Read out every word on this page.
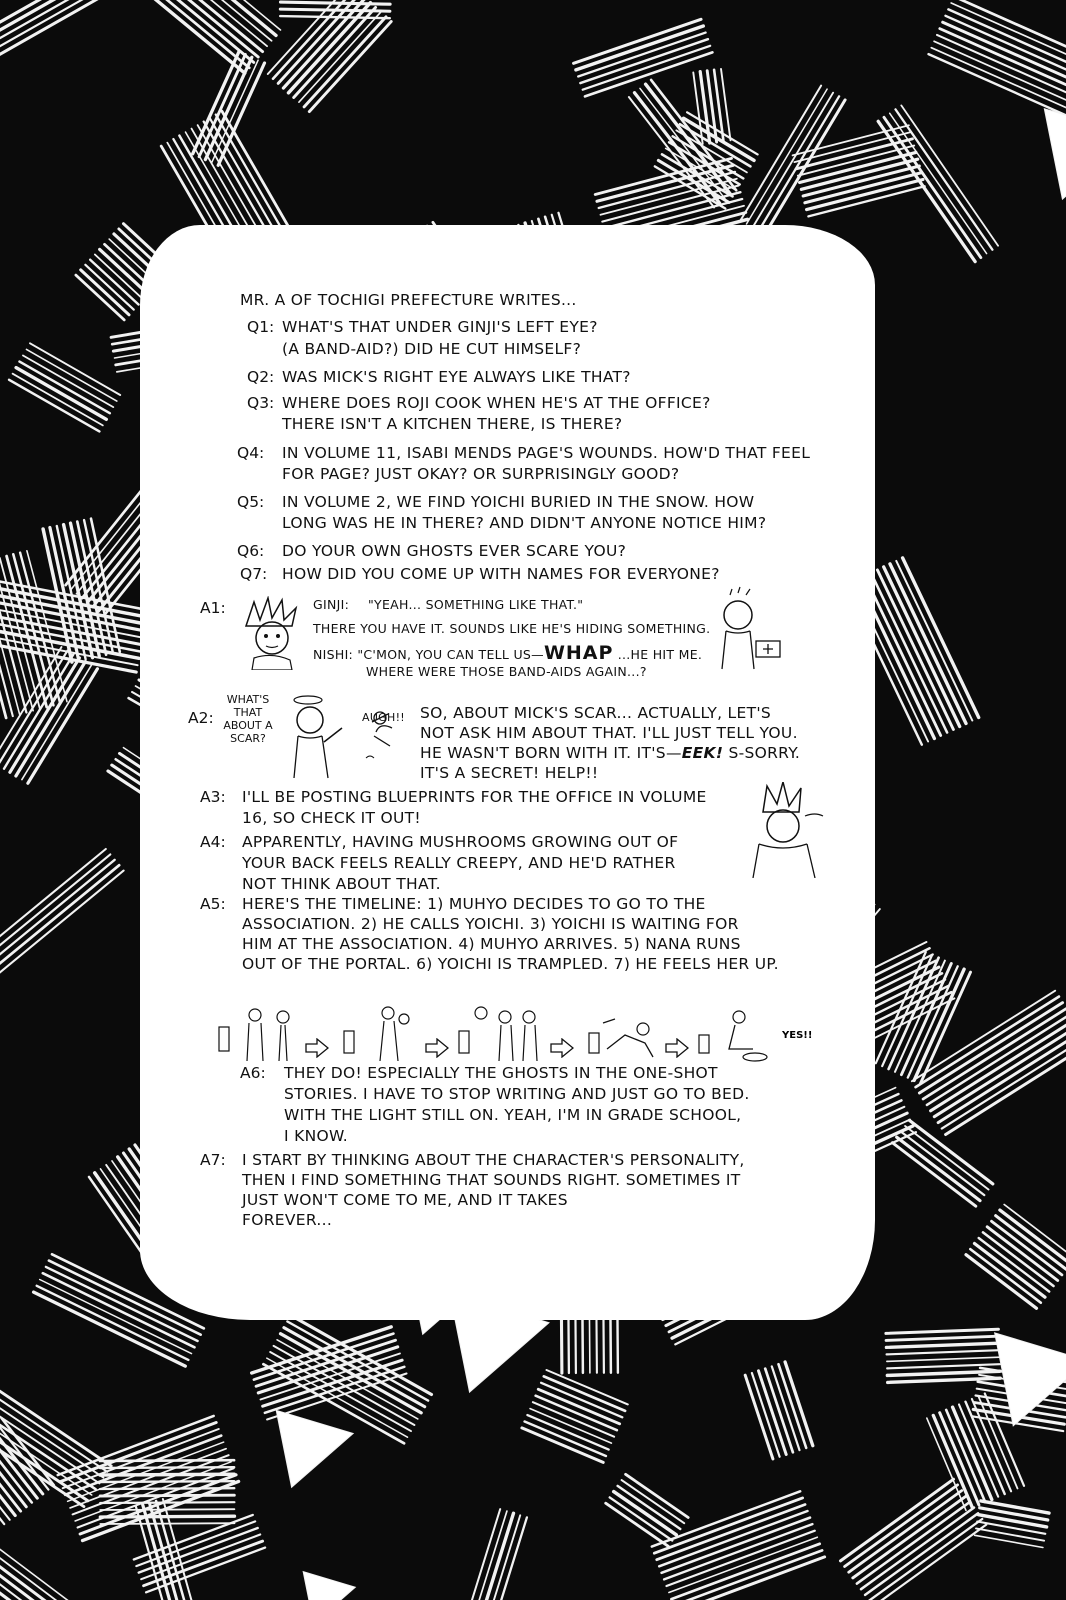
MR. A OF TOCHIGI PREFECTURE WRITES...
Q1: WHAT'S THAT UNDER GINJI'S LEFT EYE?
(A BAND-AID?) DID HE CUT HIMSELF?
Q2: WAS MICK'S RIGHT EYE ALWAYS LIKE THAT?
Q3: WHERE DOES ROJI COOK WHEN HE'S AT THE OFFICE?
THERE ISN'T A KITCHEN THERE, IS THERE?
Q4: IN VOLUME 11, ISABI MENDS PAGE'S WOUNDS. HOW'D THAT FEEL
FOR PAGE? JUST OKAY? OR SURPRISINGLY GOOD?
Q5: IN VOLUME 2, WE FIND YOICHI BURIED IN THE SNOW. HOW
LONG WAS HE IN THERE? AND DIDN'T ANYONE NOTICE HIM?
Q6: DO YOUR OWN GHOSTS EVER SCARE YOU?
Q7: HOW DID YOU COME UP WITH NAMES FOR EVERYONE?
A1:	GINJI: "YEAH... SOMETHING LIKE THAT."
THERE YOU HAVE IT. SOUNDS LIKE HE'S HIDING SOMETHING.
NISHI: "C'MON, YOU CAN TELL US—WHAP ...HE HIT ME.
WHERE WERE THOSE BAND-AIDS AGAIN...?
A2:
WHAT'S
THAT
ABOUT A
SCAR?
AUGH!! SO, ABOUT MICK'S SCAR... ACTUALLY, LET'S
NOT ASK HIM ABOUT THAT. I'LL JUST TELL YOU.
HE WASN'T BORN WITH IT. IT'S—EEK! S-SORRY.
IT'S A SECRET! HELP!!
A3: I'LL BE POSTING BLUEPRINTS FOR THE OFFICE IN VOLUME
16, SO CHECK IT OUT!
A4: APPARENTLY, HAVING MUSHROOMS GROWING OUT OF
YOUR BACK FEELS REALLY CREEPY, AND HE'D RATHER
NOT THINK ABOUT THAT.
A5: HERE'S THE TIMELINE: 1) MUHYO DECIDES TO GO TO THE
ASSOCIATION. 2) HE CALLS YOICHI. 3) YOICHI IS WAITING FOR
HIM AT THE ASSOCIATION. 4) MUHYO ARRIVES. 5) NANA RUNS
OUT OF THE PORTAL. 6) YOICHI IS TRAMPLED. 7) HE FEELS HER UP.
A6: THEY DO! ESPECIALLY THE GHOSTS IN THE ONE-SHOT
STORIES. I HAVE TO STOP WRITING AND JUST GO TO BED.
WITH THE LIGHT STILL ON. YEAH, I'M IN GRADE SCHOOL,
I KNOW.
A7: I START BY THINKING ABOUT THE CHARACTER'S PERSONALITY,
THEN I FIND SOMETHING THAT SOUNDS RIGHT. SOMETIMES IT
JUST WON'T COME TO ME, AND IT TAKES
FOREVER...
YES!!
